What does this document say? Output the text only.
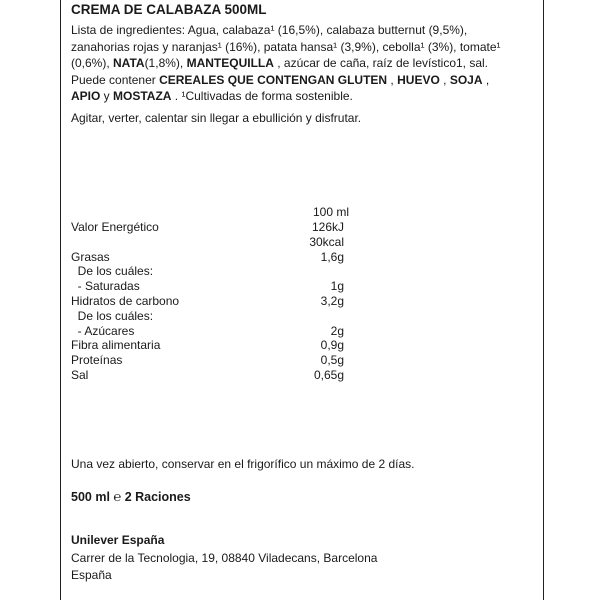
CREMA DE CALABAZA 500ML
Lista de ingredientes: Agua, calabaza¹ (16,5%), calabaza butternut (9,5%),
zanahorias rojas y naranjas¹ (16%), patata hansa¹ (3,9%), cebolla¹ (3%), tomate¹
(0,6%), NATA(1,8%), MANTEQUILLA , azúcar de caña, raíz de levístico1, sal.
Puede contener CEREALES QUE CONTENGAN GLUTEN , HUEVO , SOJA ,
APIO y MOSTAZA . ¹Cultivadas de forma sostenible.
Agitar, verter, calentar sin llegar a ebullición y disfrutar.
100 ml
Valor Energético	126kJ
30kcal
Grasas	1,6g
De los cuáles:
- Saturadas	1g
Hidratos de carbono	3,2g
De los cuáles:
- Azúcares	2g
Fibra alimentaria	0,9g
Proteínas	0,5g
Sal	0,65g
Una vez abierto, conservar en el frigorífico un máximo de 2 días.
500 ml ℮ 2 Raciones
Unilever España
Carrer de la Tecnologia, 19, 08840 Viladecans, Barcelona
España
